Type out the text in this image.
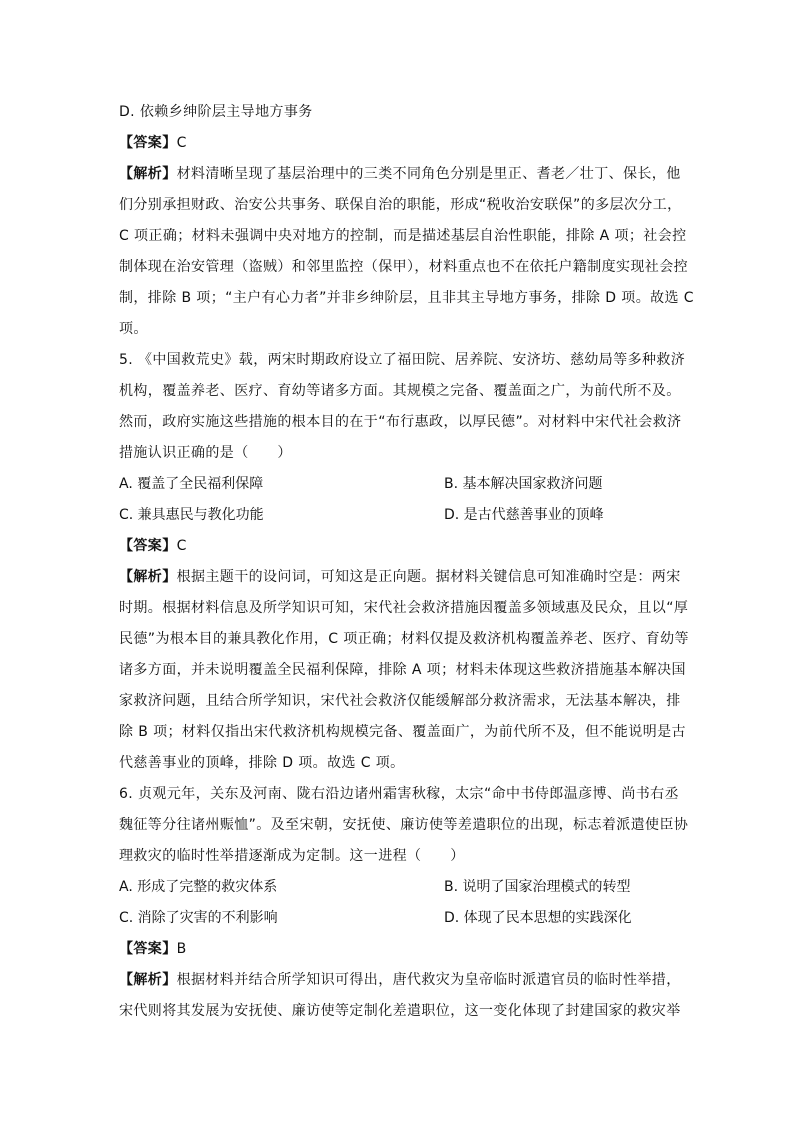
D. 依赖乡绅阶层主导地方事务
【答案】C
【解析】材料清晰呈现了基层治理中的三类不同角色分别是里正、耆老／壮丁、保长，他
们分别承担财政、治安公共事务、联保自治的职能，形成“税收治安联保”的多层次分工，
C 项正确；材料未强调中央对地方的控制，而是描述基层自治性职能，排除 A 项；社会控
制体现在治安管理（盗贼）和邻里监控（保甲），材料重点也不在依托户籍制度实现社会控
制，排除 B 项；“主户有心力者”并非乡绅阶层，且非其主导地方事务，排除 D 项。故选 C
项。
5. 《中国救荒史》载，两宋时期政府设立了福田院、居养院、安济坊、慈幼局等多种救济
机构，覆盖养老、医疗、育幼等诸多方面。其规模之完备、覆盖面之广，为前代所不及。
然而，政府实施这些措施的根本目的在于“布行惠政，以厚民德”。对材料中宋代社会救济
措施认识正确的是（　　）
A. 覆盖了全民福利保障	B. 基本解决国家救济问题
C. 兼具惠民与教化功能	D. 是古代慈善事业的顶峰
【答案】C
【解析】根据主题干的设问词，可知这是正向题。据材料关键信息可知准确时空是：两宋
时期。根据材料信息及所学知识可知，宋代社会救济措施因覆盖多领域惠及民众，且以“厚
民德”为根本目的兼具教化作用，C 项正确；材料仅提及救济机构覆盖养老、医疗、育幼等
诸多方面，并未说明覆盖全民福利保障，排除 A 项；材料未体现这些救济措施基本解决国
家救济问题，且结合所学知识，宋代社会救济仅能缓解部分救济需求，无法基本解决，排
除 B 项；材料仅指出宋代救济机构规模完备、覆盖面广，为前代所不及，但不能说明是古
代慈善事业的顶峰，排除 D 项。故选 C 项。
6. 贞观元年，关东及河南、陇右沿边诸州霜害秋稼，太宗“命中书侍郎温彦博、尚书右丞
魏征等分往诸州赈恤”。及至宋朝，安抚使、廉访使等差遣职位的出现，标志着派遣使臣协
理救灾的临时性举措逐渐成为定制。这一进程（　　）
A. 形成了完整的救灾体系	B. 说明了国家治理模式的转型
C. 消除了灾害的不利影响	D. 体现了民本思想的实践深化
【答案】B
【解析】根据材料并结合所学知识可得出，唐代救灾为皇帝临时派遣官员的临时性举措，
宋代则将其发展为安抚使、廉访使等定制化差遣职位，这一变化体现了封建国家的救灾举
